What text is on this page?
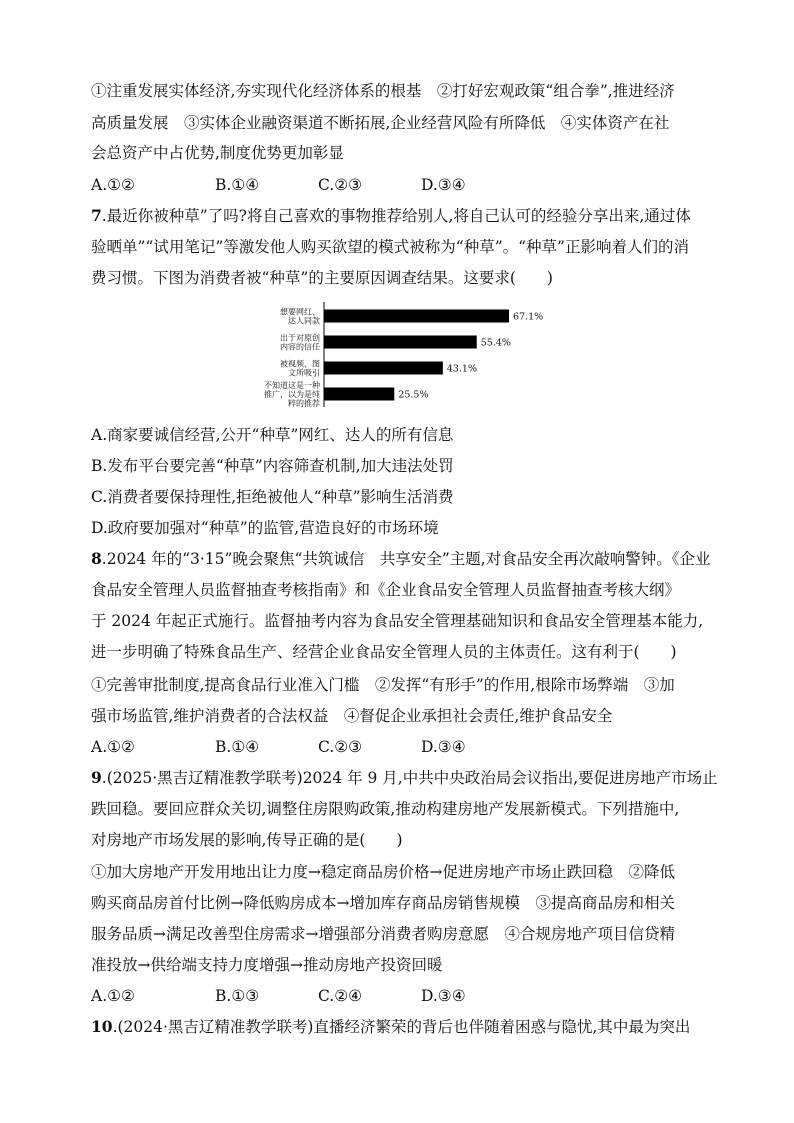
①注重发展实体经济,夯实现代化经济体系的根基　②打好宏观政策“组合拳”,推进经济
高质量发展　③实体企业融资渠道不断拓展,企业经营风险有所降低　④实体资产在社
会总资产中占优势,制度优势更加彰显
A.①②	B.①④	C.②③	D.③④
7.最近你被种草”了吗?将自己喜欢的事物推荐给别人,将自己认可的经验分享出来,通过体
验晒单”“试用笔记”等激发他人购买欲望的模式被称为“种草”。“种草”正影响着人们的消
费习惯。下图为消费者被“种草”的主要原因调查结果。这要求(　　)
67.1%
想要网红、达人同款
55.4%
出于对原创内容的信任
43.1%
被视频、图文所吸引
25.5%
不知道这是一种推广，以为是纯粹的推荐
A.商家要诚信经营,公开“种草”网红、达人的所有信息
B.发布平台要完善“种草”内容筛查机制,加大违法处罚
C.消费者要保持理性,拒绝被他人“种草”影响生活消费
D.政府要加强对“种草”的监管,营造良好的市场环境
8.2024 年的“3·15”晚会聚焦“共筑诚信　共享安全”主题,对食品安全再次敲响警钟。《企业
食品安全管理人员监督抽查考核指南》和《企业食品安全管理人员监督抽查考核大纲》
于 2024 年起正式施行。监督抽考内容为食品安全管理基础知识和食品安全管理基本能力,
进一步明确了特殊食品生产、经营企业食品安全管理人员的主体责任。这有利于(　　)
①完善审批制度,提高食品行业准入门槛　②发挥“有形手”的作用,根除市场弊端　③加
强市场监管,维护消费者的合法权益　④督促企业承担社会责任,维护食品安全
A.①②	B.①④	C.②③	D.③④
9.(2025·黑吉辽精准教学联考)2024 年 9 月,中共中央政治局会议指出,要促进房地产市场止
跌回稳。要回应群众关切,调整住房限购政策,推动构建房地产发展新模式。下列措施中,
对房地产市场发展的影响,传导正确的是(　　)
①加大房地产开发用地出让力度→稳定商品房价格→促进房地产市场止跌回稳　②降低
购买商品房首付比例→降低购房成本→增加库存商品房销售规模　③提高商品房和相关
服务品质→满足改善型住房需求→增强部分消费者购房意愿　④合规房地产项目信贷精
准投放→供给端支持力度增强→推动房地产投资回暖
A.①②	B.①③	C.②④	D.③④
10.(2024·黑吉辽精准教学联考)直播经济繁荣的背后也伴随着困惑与隐忧,其中最为突出
